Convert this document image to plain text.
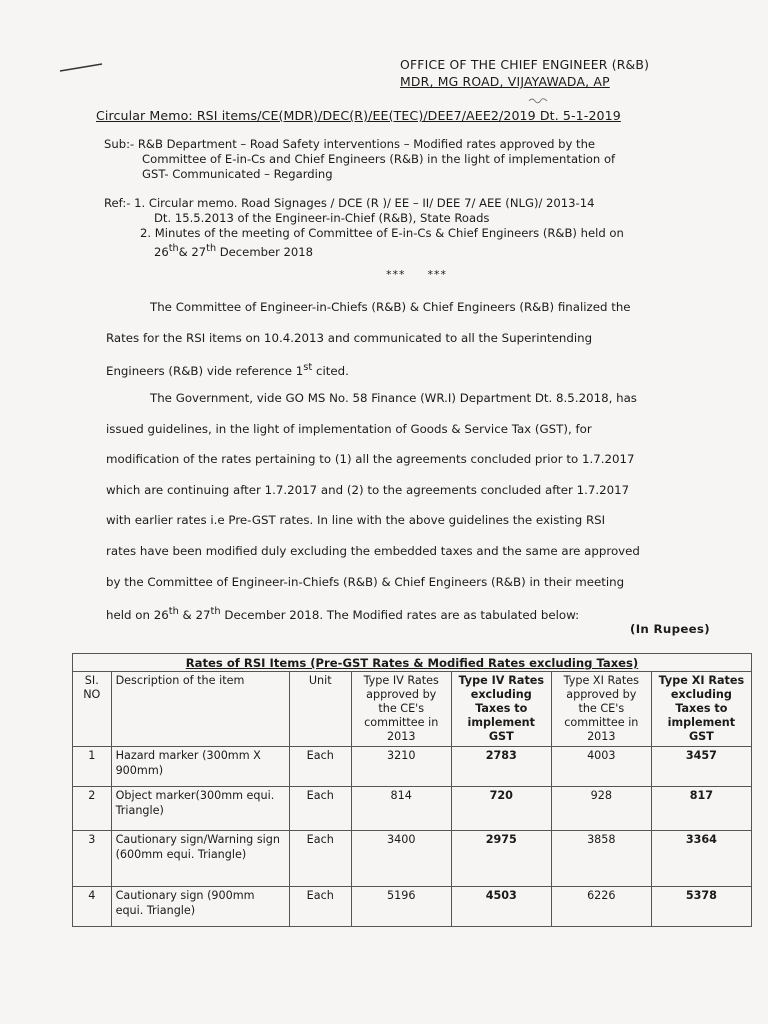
OFFICE OF THE CHIEF ENGINEER (R&B)
MDR, MG ROAD, VIJAYAWADA, AP
Circular Memo: RSI items/CE(MDR)/DEC(R)/EE(TEC)/DEE7/AEE2/2019 Dt. 5-1-2019
Sub:- R&B Department – Road Safety interventions – Modified rates approved by the
Committee of E-in-Cs and Chief Engineers (R&B) in the light of implementation of
GST- Communicated – Regarding
Ref:- 1. Circular memo. Road Signages / DCE (R )/ EE – II/ DEE 7/ AEE (NLG)/ 2013-14
Dt. 15.5.2013 of the Engineer-in-Chief (R&B), State Roads
2. Minutes of the meeting of Committee of E-in-Cs & Chief Engineers (R&B) held on
26th& 27th December 2018
*** ***
The Committee of Engineer-in-Chiefs (R&B) & Chief Engineers (R&B) finalized the
Rates for the RSI items on 10.4.2013 and communicated to all the Superintending
Engineers (R&B) vide reference 1st cited.
The Government, vide GO MS No. 58 Finance (WR.I) Department Dt. 8.5.2018, has
issued guidelines, in the light of implementation of Goods & Service Tax (GST), for
modification of the rates pertaining to (1) all the agreements concluded prior to 1.7.2017
which are continuing after 1.7.2017 and (2) to the agreements concluded after 1.7.2017
with earlier rates i.e Pre-GST rates. In line with the above guidelines the existing RSI
rates have been modified duly excluding the embedded taxes and the same are approved
by the Committee of Engineer-in-Chiefs (R&B) & Chief Engineers (R&B) in their meeting
held on 26th & 27th December 2018. The Modified rates are as tabulated below:
(In Rupees)
Rates of RSI Items (Pre-GST Rates & Modified Rates excluding Taxes)						
SI. NO	Description of the item	Unit	Type IV Rates approved by the CE's committee in 2013	Type IV Rates excluding Taxes to implement GST	Type XI Rates approved by the CE's committee in 2013	Type XI Rates excluding Taxes to implement GST
1	Hazard marker (300mm X 900mm)	Each	3210	2783	4003	3457
2	Object marker(300mm equi. Triangle)	Each	814	720	928	817
3	Cautionary sign/Warning sign (600mm equi. Triangle)	Each	3400	2975	3858	3364
4	Cautionary sign (900mm equi. Triangle)	Each	5196	4503	6226	5378
